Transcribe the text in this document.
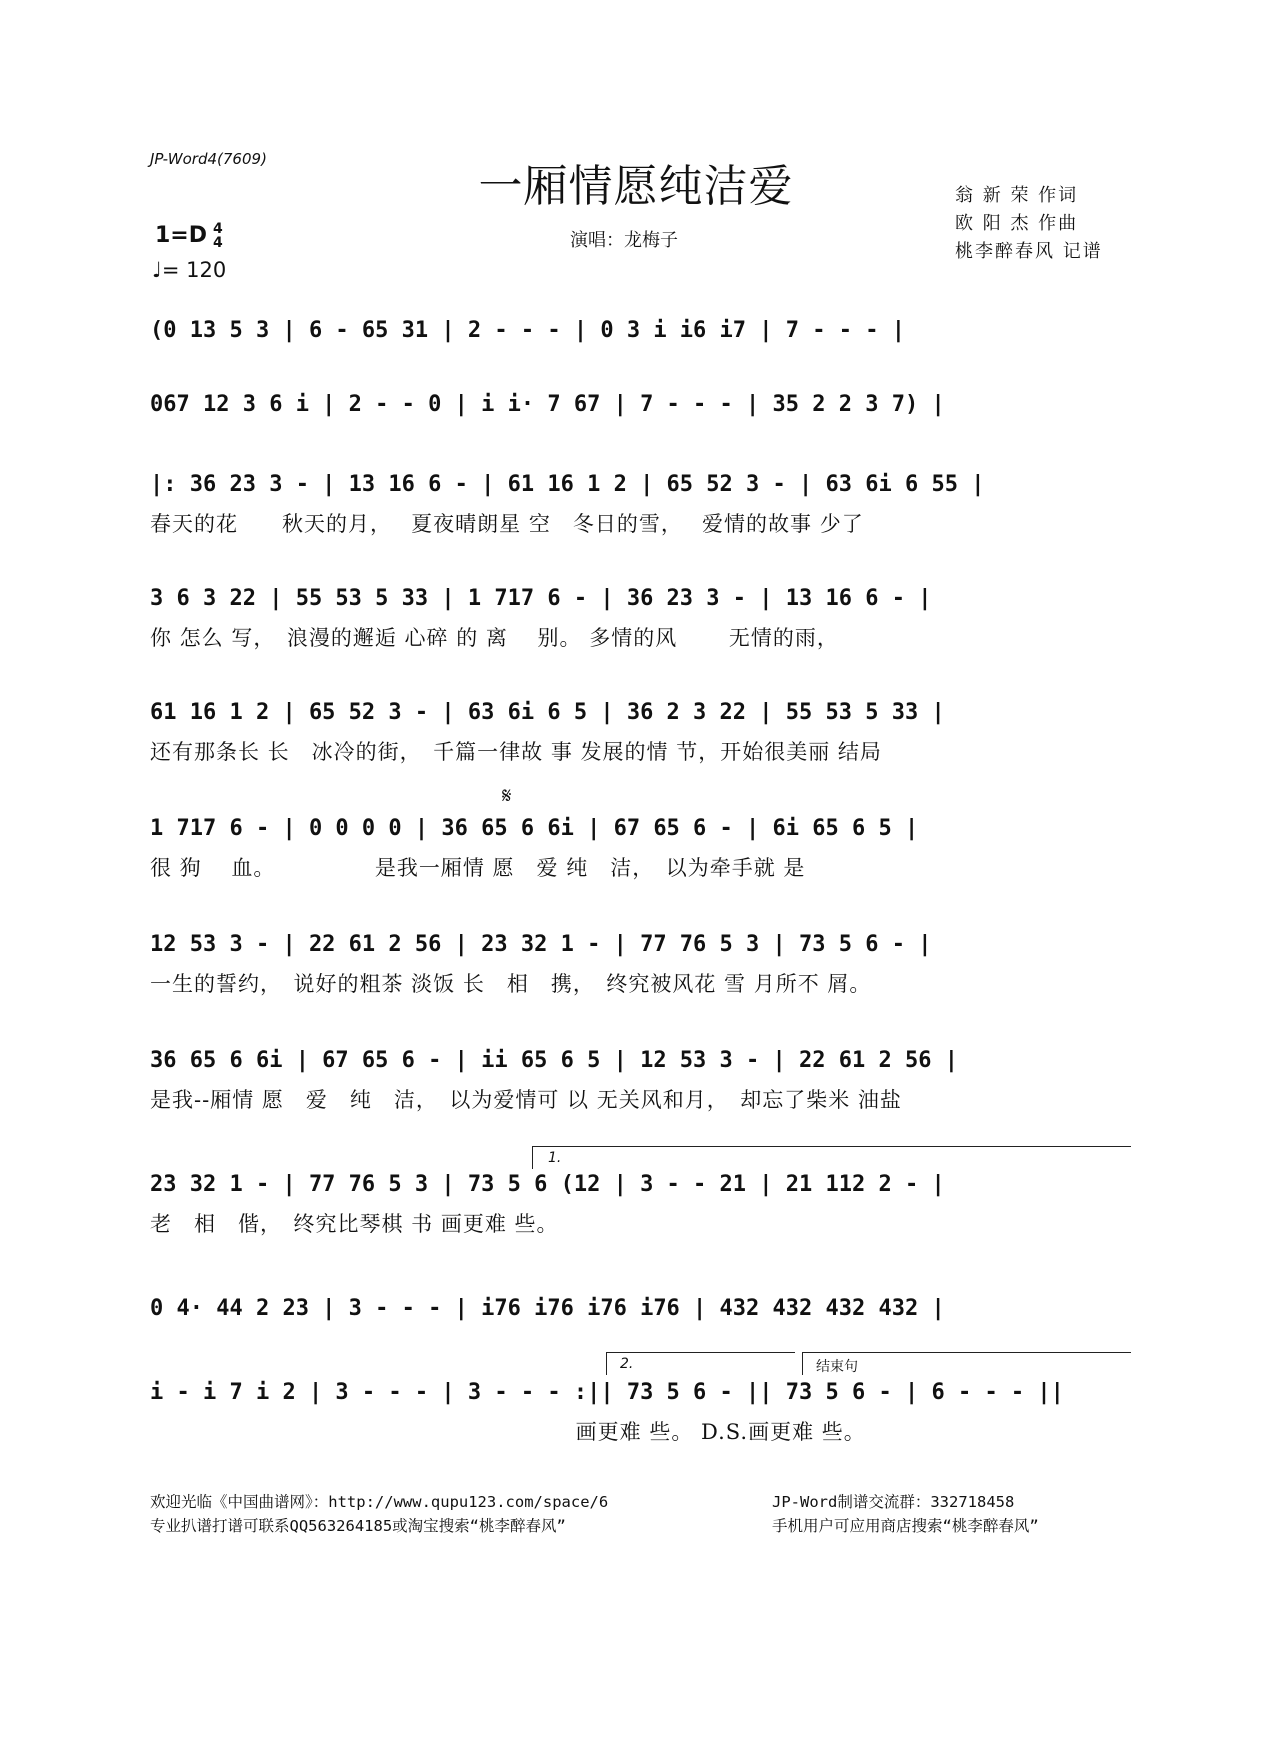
JP-Word4(7609)
一厢情愿纯洁爱
1=D 4
4
♩= 120
演唱：龙梅子
翁 新 荣 作词
欧 阳 杰 作曲
桃李醉春风 记谱
(0 13 5 3 | 6 - 65 31 | 2 - - - | 0 3 i i6 i7 | 7 - - - |
067 12 3 6 i | 2 - - 0 | i i· 7 67 | 7 - - - | 35 2 2 3 7) |
|: 36 23 3 - | 13 16 6 - | 61 16 1 2 | 65 52 3 - | 63 6i 6 55 |
春天的花　　秋天的月，　 夏夜晴朗星 空　冬日的雪，　 爱情的故事 少了
3 6 3 22 | 55 53 5 33 | 1 717 6 - | 36 23 3 - | 13 16 6 - |
你 怎么 写，　浪漫的邂逅 心碎 的 离　 别。 多情的风　　 无情的雨，
61 16 1 2 | 65 52 3 - | 63 6i 6 5 | 36 2 3 22 | 55 53 5 33 |
还有那条长 长　冰冷的街，　千篇一律故 事 发展的情 节，开始很美丽 结局
𝄋
1 717 6 - | 0 0 0 0 | 36 65 6 6i | 67 65 6 - | 6i 65 6 5 |
很 狗　 血。　　　　　是我一厢情 愿　爱 纯　洁，　以为牵手就 是
12 53 3 - | 22 61 2 56 | 23 32 1 - | 77 76 5 3 | 73 5 6 - |
一生的誓约，　说好的粗茶 淡饭 长　相　携，　终究被风花 雪 月所不 屑。
36 65 6 6i | 67 65 6 - | ii 65 6 5 | 12 53 3 - | 22 61 2 56 |
是我--厢情 愿　爱　纯　洁，　以为爱情可 以 无关风和月，　却忘了柴米 油盐
1.
23 32 1 - | 77 76 5 3 | 73 5 6 (12 | 3 - - 21 | 21 112 2 - |
老　相　偕，　终究比琴棋 书 画更难 些。
0 4· 44 2 23 | 3 - - - | i76 i76 i76 i76 | 432 432 432 432 |
2.	结束句
i - i 7 i 2 | 3 - - - | 3 - - - :|| 73 5 6 - || 73 5 6 - | 6 - - - ||
　　　　　　　　　　　　　　　　　　　 画更难 些。 D.S.画更难 些。
欢迎光临《中国曲谱网》：http://www.qupu123.com/space/6
专业扒谱打谱可联系QQ563264185或淘宝搜索“桃李醉春风”
JP-Word制谱交流群：332718458
手机用户可应用商店搜索“桃李醉春风”
